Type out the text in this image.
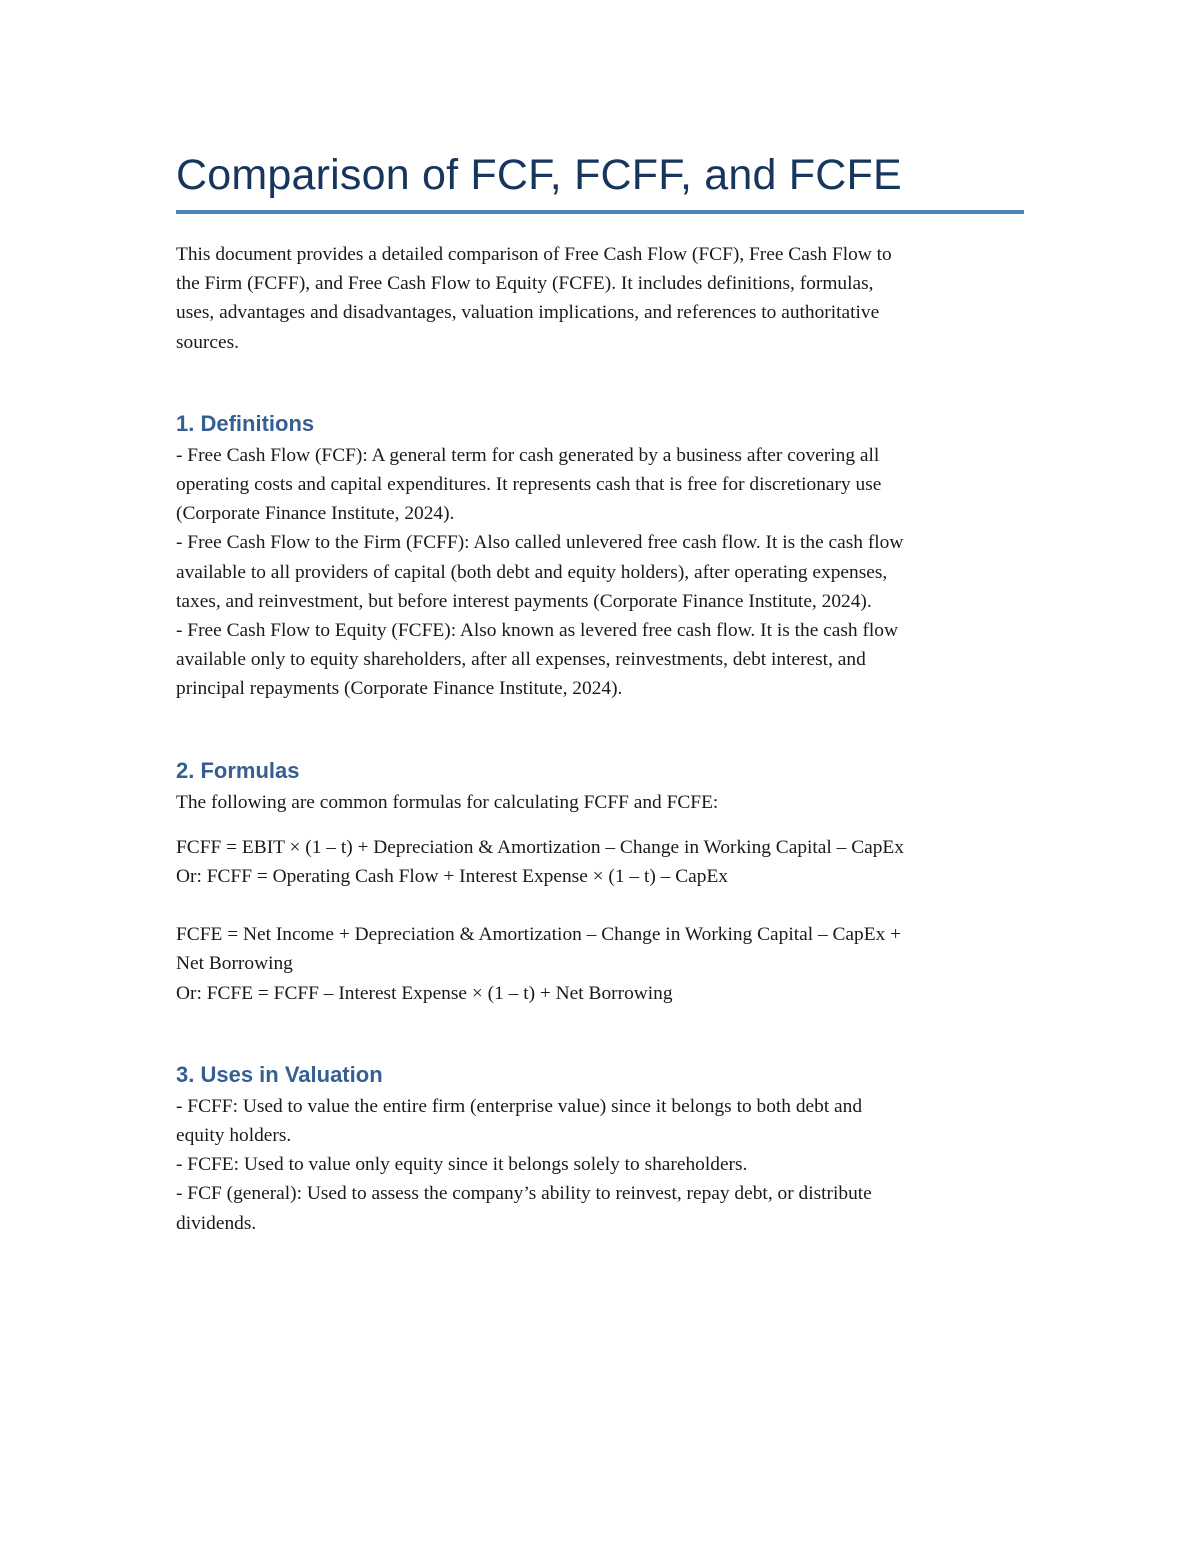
Comparison of FCF, FCFF, and FCFE

This document provides a detailed comparison of Free Cash Flow (FCF), Free Cash Flow to
the Firm (FCFF), and Free Cash Flow to Equity (FCFE). It includes definitions, formulas,
uses, advantages and disadvantages, valuation implications, and references to authoritative
sources.

1. Definitions

- Free Cash Flow (FCF): A general term for cash generated by a business after covering all
operating costs and capital expenditures. It represents cash that is free for discretionary use
(Corporate Finance Institute, 2024).
- Free Cash Flow to the Firm (FCFF): Also called unlevered free cash flow. It is the cash flow
available to all providers of capital (both debt and equity holders), after operating expenses,
taxes, and reinvestment, but before interest payments (Corporate Finance Institute, 2024).
- Free Cash Flow to Equity (FCFE): Also known as levered free cash flow. It is the cash flow
available only to equity shareholders, after all expenses, reinvestments, debt interest, and
principal repayments (Corporate Finance Institute, 2024).

2. Formulas

The following are common formulas for calculating FCFF and FCFE:

FCFF = EBIT × (1 – t) + Depreciation & Amortization – Change in Working Capital – CapEx
Or: FCFF = Operating Cash Flow + Interest Expense × (1 – t) – CapEx

FCFE = Net Income + Depreciation & Amortization – Change in Working Capital – CapEx +
Net Borrowing
Or: FCFE = FCFF – Interest Expense × (1 – t) + Net Borrowing

3. Uses in Valuation

- FCFF: Used to value the entire firm (enterprise value) since it belongs to both debt and
equity holders.
- FCFE: Used to value only equity since it belongs solely to shareholders.
- FCF (general): Used to assess the company’s ability to reinvest, repay debt, or distribute
dividends.
